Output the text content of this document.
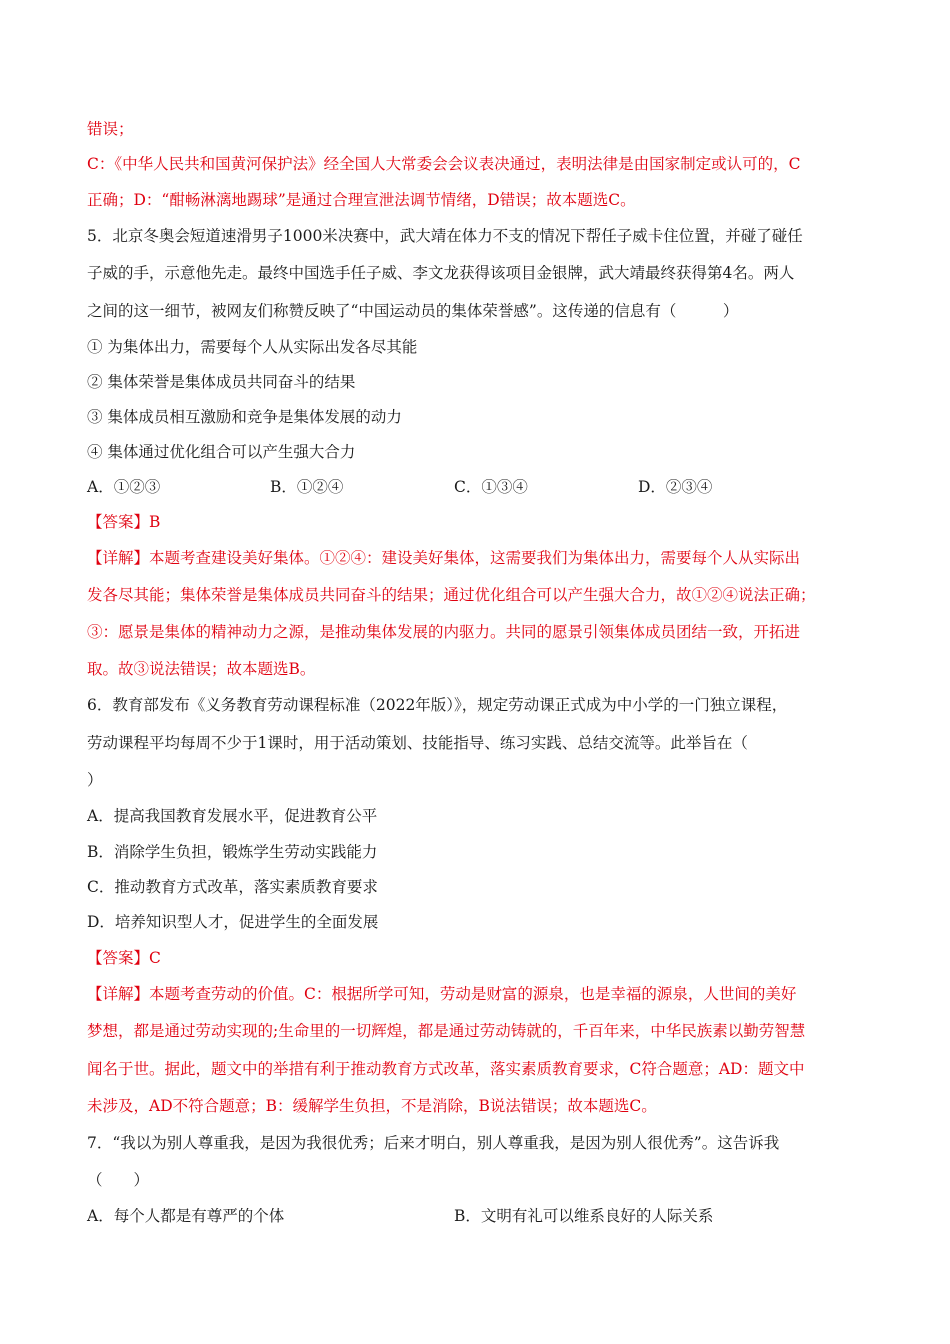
错误；
C：《中华人民共和国黄河保护法》经全国人大常委会会议表决通过，表明法律是由国家制定或认可的，C
正确；D：“酣畅淋漓地踢球”是通过合理宣泄法调节情绪，D错误；故本题选C。
5．北京冬奥会短道速滑男子1000米决赛中，武大靖在体力不支的情况下帮任子威卡住位置，并碰了碰任
子威的手，示意他先走。最终中国选手任子威、李文龙获得该项目金银牌，武大靖最终获得第4名。两人
之间的这一细节，被网友们称赞反映了“中国运动员的集体荣誉感”。这传递的信息有（　　　）
① 为集体出力，需要每个人从实际出发各尽其能
② 集体荣誉是集体成员共同奋斗的结果
③ 集体成员相互激励和竞争是集体发展的动力
④ 集体通过优化组合可以产生强大合力
【答案】B
【详解】本题考查建设美好集体。①②④：建设美好集体，这需要我们为集体出力，需要每个人从实际出
发各尽其能；集体荣誉是集体成员共同奋斗的结果；通过优化组合可以产生强大合力，故①②④说法正确；
③：愿景是集体的精神动力之源，是推动集体发展的内驱力。共同的愿景引领集体成员团结一致，开拓进
取。故③说法错误；故本题选B。
6．教育部发布《义务教育劳动课程标准（2022年版）》，规定劳动课正式成为中小学的一门独立课程，
劳动课程平均每周不少于1课时，用于活动策划、技能指导、练习实践、总结交流等。此举旨在（
）
A．提高我国教育发展水平，促进教育公平
B．消除学生负担，锻炼学生劳动实践能力
C．推动教育方式改革，落实素质教育要求
D．培养知识型人才，促进学生的全面发展
【答案】C
【详解】本题考查劳动的价值。C：根据所学可知，劳动是财富的源泉，也是幸福的源泉，人世间的美好
梦想，都是通过劳动实现的;生命里的一切辉煌，都是通过劳动铸就的，千百年来，中华民族素以勤劳智慧
闻名于世。据此，题文中的举措有利于推动教育方式改革，落实素质教育要求，C符合题意；AD：题文中
未涉及，AD不符合题意；B：缓解学生负担，不是消除，B说法错误；故本题选C。
7．“我以为别人尊重我，是因为我很优秀；后来才明白，别人尊重我，是因为别人很优秀”。这告诉我
（　　）
A．①②③	B．①②④	C．①③④	D．②③④
A．每个人都是有尊严的个体	B．文明有礼可以维系良好的人际关系
